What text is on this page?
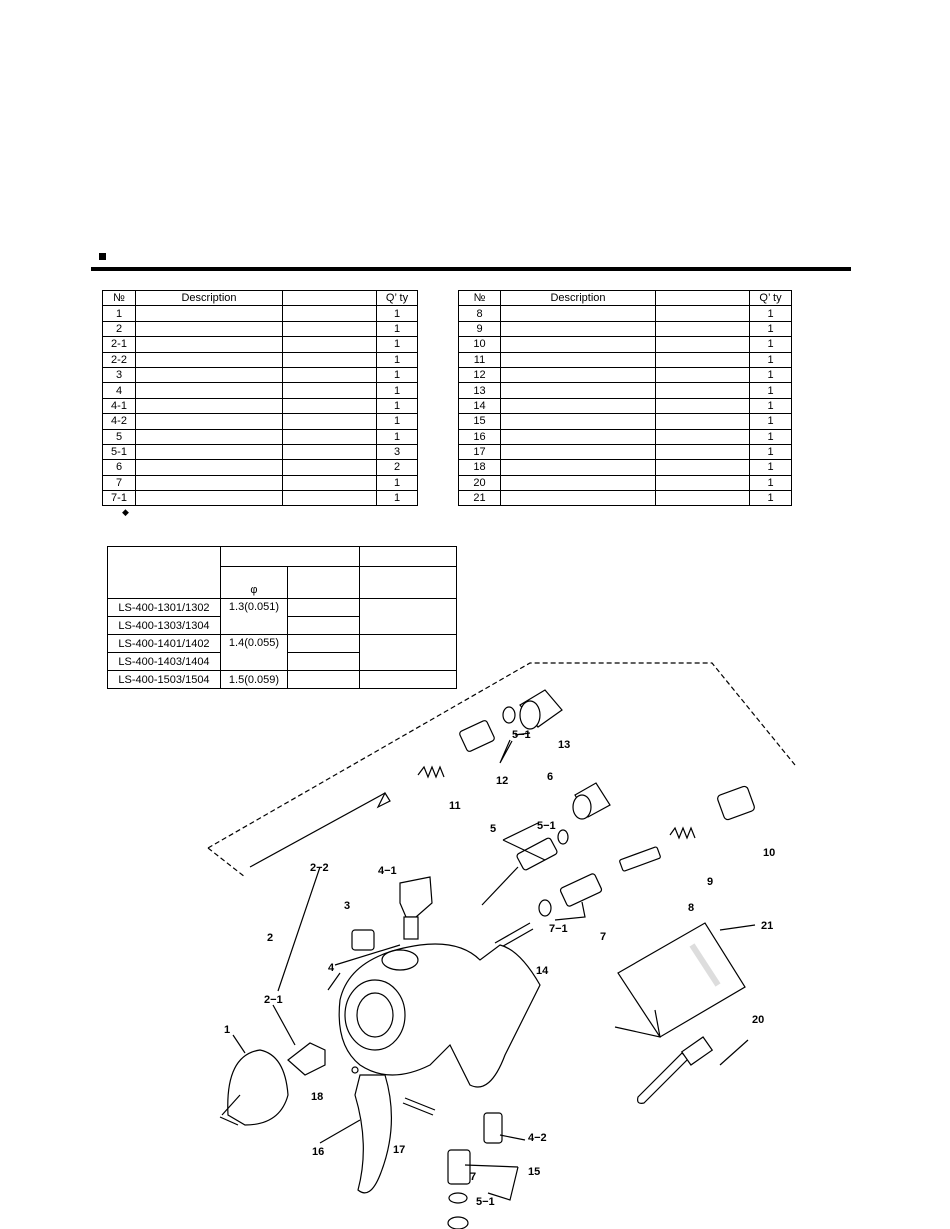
№	Description		Q’ ty
1			1
2			1
2-1			1
2-2			1
3			1
4			1
4-1			1
4-2			1
5			1
5-1			3
6			2
7			1
7-1			1
№	Description		Q’ ty
8			1
9			1
10			1
11			1
12			1
13			1
14			1
15			1
16			1
17			1
18			1
20			1
21			1
◆

	φ		
LS-400-1301/1302	1.3(0.051)		
LS-400-1303/1304			
LS-400-1401/1402	1.4(0.055)		
LS-400-1403/1404			
LS-400-1503/1504	1.5(0.059)		
1
2
2−1
2−2
3
4
4−1
4−2
5
5−1
5−1
5−1
6
7
7
7−1
8
9
10
11
12
13
14
15
16	17
18
20
21
